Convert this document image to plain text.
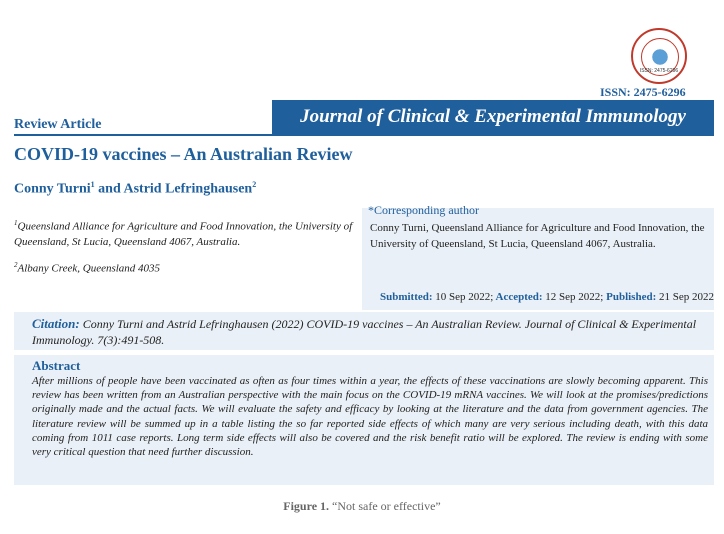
ISSN: 2475-6296
ISSN: 2475-6296
Review Article	Journal of Clinical & Experimental Immunology
COVID-19 vaccines – An Australian Review
Conny Turni$^1$ and Astrid Lefringhausen$^2$
$^1$Queensland Alliance for Agriculture and Food Innovation, the University of Queensland, St Lucia, Queensland 4067, Australia.
$^2$Albany Creek, Queensland 4035
*Corresponding author
Conny Turni, Queensland Alliance for Agriculture and Food Innovation, the University of Queensland, St Lucia, Queensland 4067, Australia.
Submitted: 10 Sep 2022; Accepted: 12 Sep 2022; Published: 21 Sep 2022
Citation: Conny Turni and Astrid Lefringhausen (2022) COVID-19 vaccines – An Australian Review. Journal of Clinical & Experimental Immunology. 7(3):491-508.
Abstract
After millions of people have been vaccinated as often as four times within a year, the effects of these vaccinations are slowly becoming apparent. This review has been written from an Australian perspective with the main focus on the COVID-19 mRNA vaccines. We will look at the promises/predictions originally made and the actual facts. We will evaluate the safety and efficacy by looking at the literature and the data from government agencies. The literature review will be summed up in a table listing the so far reported side effects of which many are very serious including death, with this data coming from 1011 case reports. Long term side effects will also be covered and the risk benefit ratio will be explored. The review is ending with some very critical question that need further discussion.
Figure 1. “Not safe or effective”
